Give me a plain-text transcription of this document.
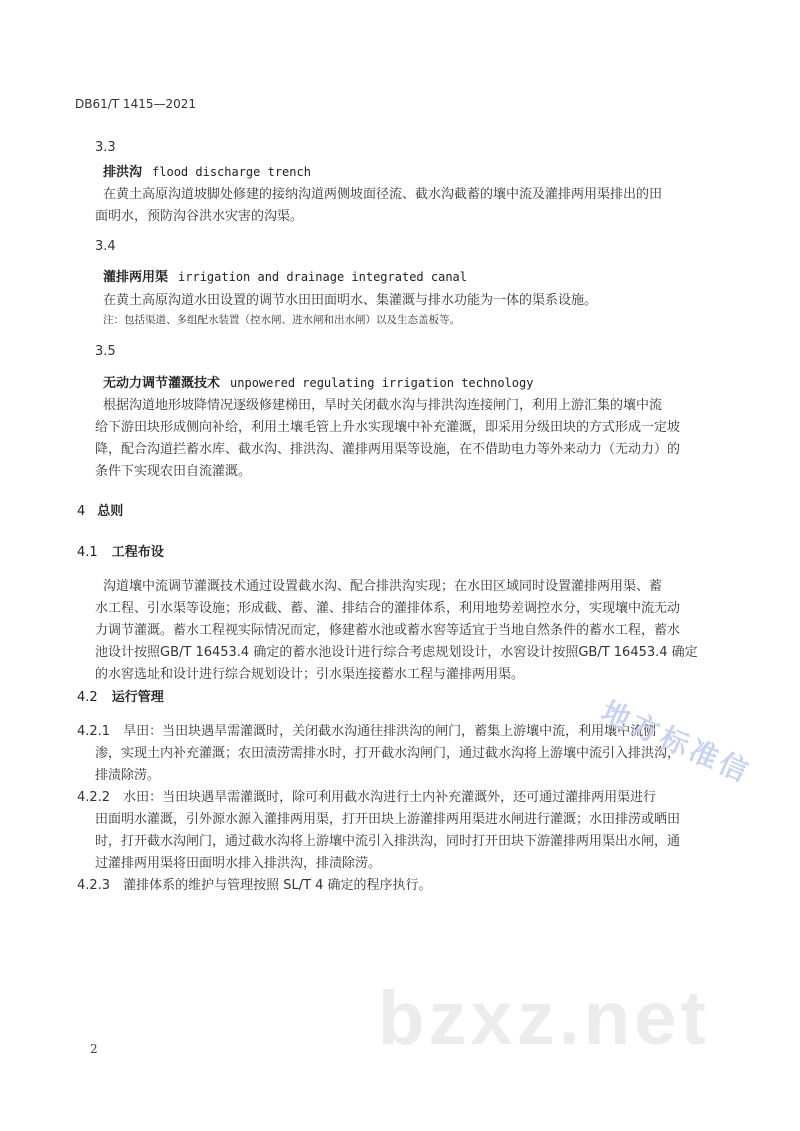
DB61/T 1415—2021
3.3
排洪沟 flood discharge trench
在黄土高原沟道坡脚处修建的接纳沟道两侧坡面径流、截水沟截蓄的壤中流及灌排两用渠排出的田
面明水，预防沟谷洪水灾害的沟渠。
3.4
灌排两用渠 irrigation and drainage integrated canal
在黄土高原沟道水田设置的调节水田田面明水、集灌溉与排水功能为一体的渠系设施。
注：包括渠道、多组配水装置（控水闸、进水闸和出水闸）以及生态盖板等。
3.5
无动力调节灌溉技术 unpowered regulating irrigation technology
根据沟道地形坡降情况逐级修建梯田，旱时关闭截水沟与排洪沟连接闸门，利用上游汇集的壤中流
给下游田块形成侧向补给，利用土壤毛管上升水实现壤中补充灌溉，即采用分级田块的方式形成一定坡
降，配合沟道拦蓄水库、截水沟、排洪沟、灌排两用渠等设施，在不借助电力等外来动力（无动力）的
条件下实现农田自流灌溉。
4 总则
4.1 工程布设
沟道壤中流调节灌溉技术通过设置截水沟、配合排洪沟实现；在水田区域同时设置灌排两用渠、蓄
水工程、引水渠等设施；形成截、蓄、灌、排结合的灌排体系，利用地势差调控水分，实现壤中流无动
力调节灌溉。蓄水工程视实际情况而定，修建蓄水池或蓄水窖等适宜于当地自然条件的蓄水工程，蓄水
池设计按照GB/T 16453.4 确定的蓄水池设计进行综合考虑规划设计，水窖设计按照GB/T 16453.4 确定
的水窖选址和设计进行综合规划设计；引水渠连接蓄水工程与灌排两用渠。
4.2 运行管理
4.2.1　旱田：当田块遇旱需灌溉时，关闭截水沟通往排洪沟的闸门，蓄集上游壤中流，利用壤中流侧
渗，实现土内补充灌溉；农田渍涝需排水时，打开截水沟闸门，通过截水沟将上游壤中流引入排洪沟，
排渍除涝。
4.2.2　水田：当田块遇旱需灌溉时，除可利用截水沟进行土内补充灌溉外，还可通过灌排两用渠进行
田面明水灌溉，引外源水源入灌排两用渠，打开田块上游灌排两用渠进水闸进行灌溉；水田排涝或晒田
时，打开截水沟闸门，通过截水沟将上游壤中流引入排洪沟，同时打开田块下游灌排两用渠出水闸，通
过灌排两用渠将田面明水排入排洪沟，排渍除涝。
4.2.3　灌排体系的维护与管理按照 SL/T 4 确定的程序执行。
2
地方标准信
bzxz.net
